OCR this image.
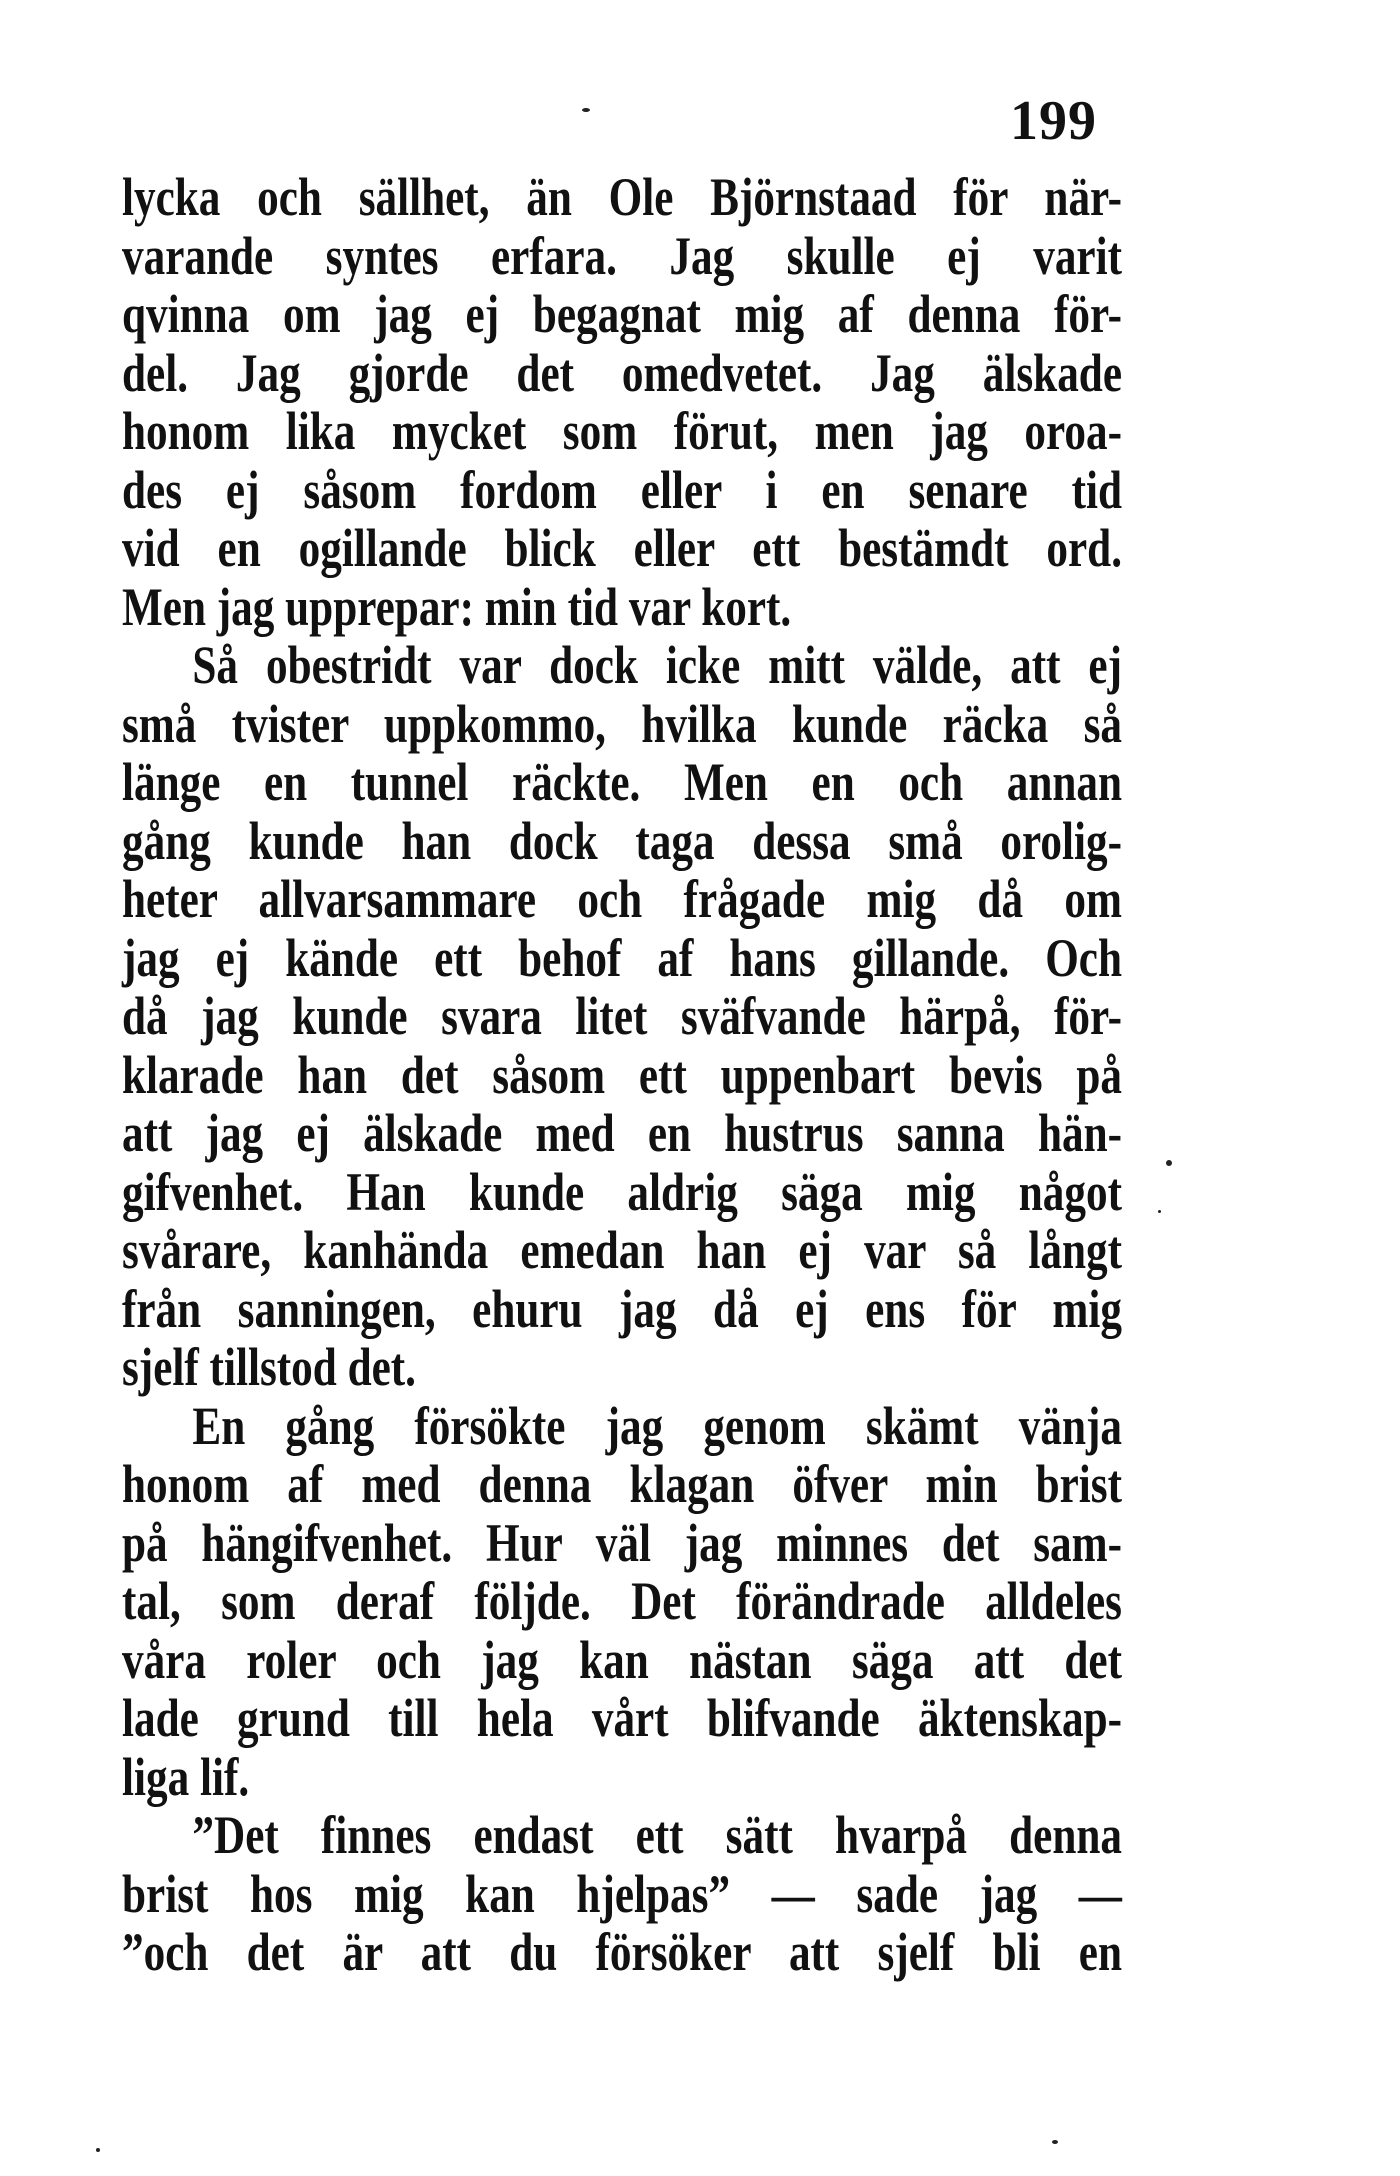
199
lycka och sällhet, än Ole Björnstaad för när-
varande syntes erfara. Jag skulle ej varit
qvinna om jag ej begagnat mig af denna för-
del. Jag gjorde det omedvetet. Jag älskade
honom lika mycket som förut, men jag oroa-
des ej såsom fordom eller i en senare tid
vid en ogillande blick eller ett bestämdt ord.
Men jag upprepar: min tid var kort.
Så obestridt var dock icke mitt välde, att ej
små tvister uppkommo, hvilka kunde räcka så
länge en tunnel räckte. Men en och annan
gång kunde han dock taga dessa små orolig-
heter allvarsammare och frågade mig då om
jag ej kände ett behof af hans gillande. Och
då jag kunde svara litet sväfvande härpå, för-
klarade han det såsom ett uppenbart bevis på
att jag ej älskade med en hustrus sanna hän-
gifvenhet. Han kunde aldrig säga mig något
svårare, kanhända emedan han ej var så långt
från sanningen, ehuru jag då ej ens för mig
sjelf tillstod det.
En gång försökte jag genom skämt vänja
honom af med denna klagan öfver min brist
på hängifvenhet. Hur väl jag minnes det sam-
tal, som deraf följde. Det förändrade alldeles
våra roler och jag kan nästan säga att det
lade grund till hela vårt blifvande äktenskap-
liga lif.
”Det finnes endast ett sätt hvarpå denna
brist hos mig kan hjelpas” — sade jag —
”och det är att du försöker att sjelf bli en
